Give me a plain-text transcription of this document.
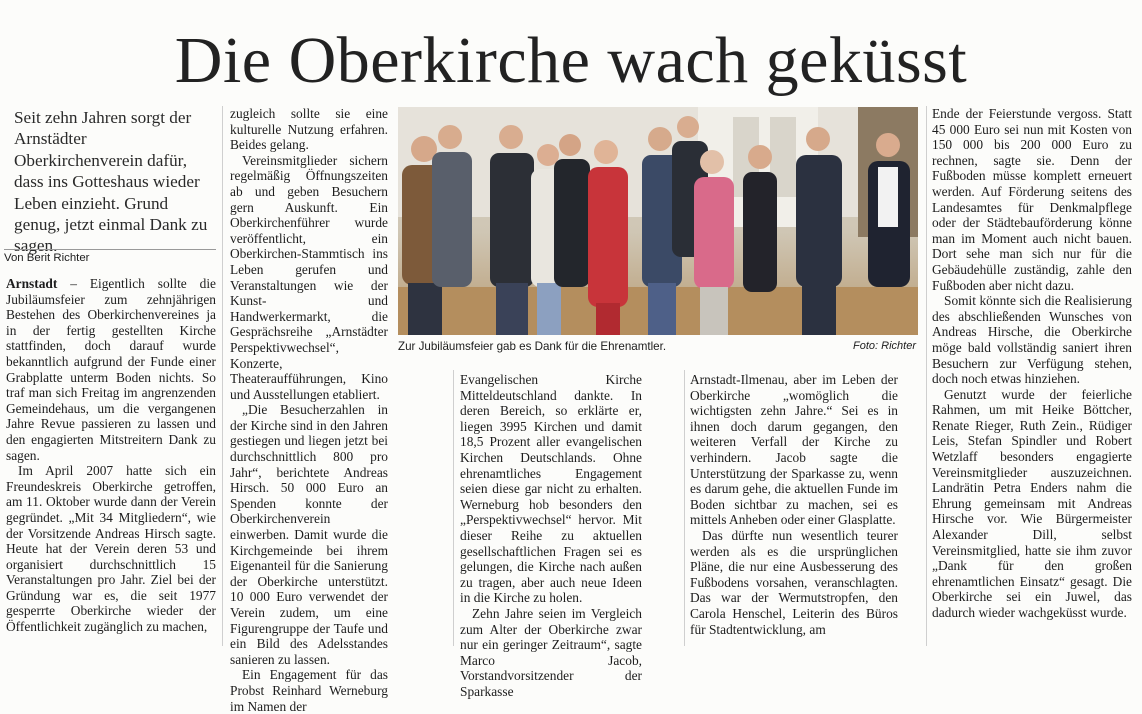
Die Oberkirche wach geküsst
Seit zehn Jahren sorgt der Arnstädter Oberkirchenverein dafür, dass ins Gotteshaus wieder Leben einzieht. Grund genug, jetzt einmal Dank zu sagen.
Von Berit Richter

Arnstadt – Eigentlich sollte die Jubiläumsfeier zum zehnjährigen Bestehen des Oberkirchenvereines ja in der fertig gestellten Kirche stattfinden, doch darauf wurde bekanntlich aufgrund der Funde einer Grabplatte unterm Boden nichts. So traf man sich Freitag im angrenzenden Gemeindehaus, um die vergangenen Jahre Revue passieren zu lassen und den engagierten Mitstreitern Dank zu sagen.

Im April 2007 hatte sich ein Freundeskreis Oberkirche getroffen, am 11. Oktober wurde dann der Verein gegründet. „Mit 34 Mitgliedern“, wie der Vorsitzende Andreas Hirsch sagte. Heute hat der Verein deren 53 und organisiert durchschnittlich 15 Veranstaltungen pro Jahr. Ziel bei der Gründung war es, die seit 1977 gesperrte Oberkirche wieder der Öffentlichkeit zugänglich zu machen,

zugleich sollte sie eine kulturelle Nutzung erfahren. Beides gelang.

Vereinsmitglieder sichern regelmäßig Öffnungszeiten ab und geben Besuchern gern Auskunft. Ein Oberkirchenführer wurde veröffentlicht, ein Oberkirchen-Stammtisch ins Leben gerufen und Veranstaltungen wie der Kunst- und Handwerkermarkt, die Gesprächsreihe „Arnstädter Perspektivwechsel“, Konzerte, Theateraufführungen, Kino und Ausstellungen etabliert.

„Die Besucherzahlen in der Kirche sind in den Jahren gestiegen und liegen jetzt bei durchschnittlich 800 pro Jahr“, berichtete Andreas Hirsch. 50 000 Euro an Spenden konnte der Oberkirchenverein einwerben. Damit wurde die Kirchgemeinde bei ihrem Eigenanteil für die Sanierung der Oberkirche unterstützt. 10 000 Euro verwendet der Verein zudem, um eine Figurengruppe der Taufe und ein Bild des Adelsstandes sanieren zu lassen.

Ein Engagement für das Probst Reinhard Werneburg im Namen der

Zur Jubiläumsfeier gab es Dank für die Ehrenamtler.	Foto: Richter

Evangelischen Kirche Mitteldeutschland dankte. In deren Bereich, so erklärte er, liegen 3995 Kirchen und damit 18,5 Prozent aller evangelischen Kirchen Deutschlands. Ohne ehrenamtliches Engagement seien diese gar nicht zu erhalten. Werneburg hob besonders den „Perspektivwechsel“ hervor. Mit dieser Reihe zu aktuellen gesellschaftlichen Fragen sei es gelungen, die Kirche nach außen zu tragen, aber auch neue Ideen in die Kirche zu holen.

Zehn Jahre seien im Vergleich zum Alter der Oberkirche zwar nur ein geringer Zeitraum“, sagte Marco Jacob, Vorstandvorsitzender der Sparkasse

Arnstadt-Ilmenau, aber im Leben der Oberkirche „womöglich die wichtigsten zehn Jahre.“ Sei es in ihnen doch darum gegangen, den weiteren Verfall der Kirche zu verhindern. Jacob sagte die Unterstützung der Sparkasse zu, wenn es darum gehe, die aktuellen Funde im Boden sichtbar zu machen, sei es mittels Anheben oder einer Glasplatte.

Das dürfte nun wesentlich teurer werden als es die ursprünglichen Pläne, die nur eine Ausbesserung des Fußbodens vorsahen, veranschlagten. Das war der Wermutstropfen, den Carola Henschel, Leiterin des Büros für Stadtentwicklung, am

Ende der Feierstunde vergoss. Statt 45 000 Euro sei nun mit Kosten von 150 000 bis 200 000 Euro zu rechnen, sagte sie. Denn der Fußboden müsse komplett erneuert werden. Auf Förderung seitens des Landesamtes für Denkmalpflege oder der Städtebauförderung könne man im Moment auch nicht bauen. Dort sehe man sich nur für die Gebäudehülle zuständig, zahle den Fußboden aber nicht dazu.

Somit könnte sich die Realisierung des abschließenden Wunsches von Andreas Hirsche, die Oberkirche möge bald vollständig saniert ihren Besuchern zur Verfügung stehen, doch noch etwas hinziehen.

Genutzt wurde der feierliche Rahmen, um mit Heike Böttcher, Renate Rieger, Ruth Zein., Rüdiger Leis, Stefan Spindler und Robert Wetzlaff besonders engagierte Vereinsmitglieder auszuzeichnen. Landrätin Petra Enders nahm die Ehrung gemeinsam mit Andreas Hirsche vor. Wie Bürgermeister Alexander Dill, selbst Vereinsmitglied, hatte sie ihm zuvor „Dank für den großen ehrenamtlichen Einsatz“ gesagt. Die Oberkirche sei ein Juwel, das dadurch wieder wachgeküsst wurde.
